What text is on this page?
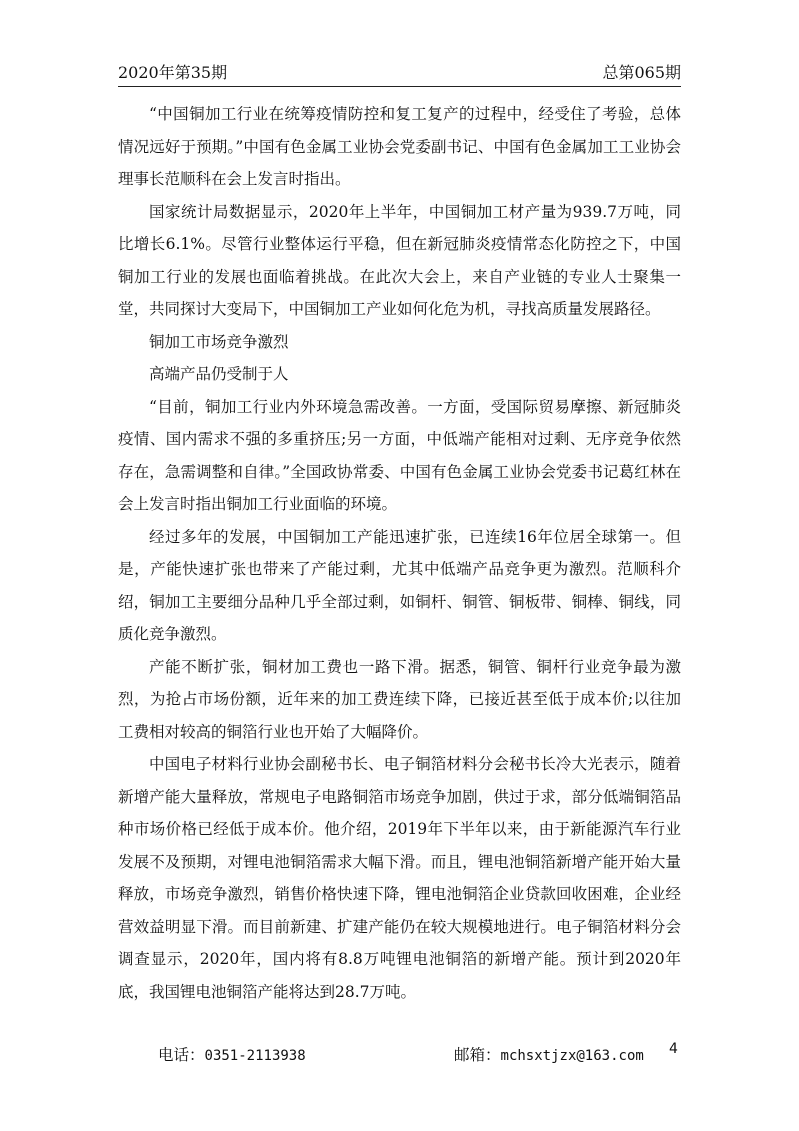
2020年第35期	总第065期

“中国铜加工行业在统筹疫情防控和复工复产的过程中，经受住了考验，总体情况远好于预期。”中国有色金属工业协会党委副书记、中国有色金属加工工业协会理事长范顺科在会上发言时指出。

国家统计局数据显示，2020年上半年，中国铜加工材产量为939.7万吨，同比增长6.1%。尽管行业整体运行平稳，但在新冠肺炎疫情常态化防控之下，中国铜加工行业的发展也面临着挑战。在此次大会上，来自产业链的专业人士聚集一堂，共同探讨大变局下，中国铜加工产业如何化危为机，寻找高质量发展路径。

铜加工市场竞争激烈

高端产品仍受制于人

“目前，铜加工行业内外环境急需改善。一方面，受国际贸易摩擦、新冠肺炎疫情、国内需求不强的多重挤压;另一方面，中低端产能相对过剩、无序竞争依然存在，急需调整和自律。”全国政协常委、中国有色金属工业协会党委书记葛红林在会上发言时指出铜加工行业面临的环境。

经过多年的发展，中国铜加工产能迅速扩张，已连续16年位居全球第一。但是，产能快速扩张也带来了产能过剩，尤其中低端产品竞争更为激烈。范顺科介绍，铜加工主要细分品种几乎全部过剩，如铜杆、铜管、铜板带、铜棒、铜线，同质化竞争激烈。

产能不断扩张，铜材加工费也一路下滑。据悉，铜管、铜杆行业竞争最为激烈，为抢占市场份额，近年来的加工费连续下降，已接近甚至低于成本价;以往加工费相对较高的铜箔行业也开始了大幅降价。

中国电子材料行业协会副秘书长、电子铜箔材料分会秘书长冷大光表示，随着新增产能大量释放，常规电子电路铜箔市场竞争加剧，供过于求，部分低端铜箔品种市场价格已经低于成本价。他介绍，2019年下半年以来，由于新能源汽车行业发展不及预期，对锂电池铜箔需求大幅下滑。而且，锂电池铜箔新增产能开始大量释放，市场竞争激烈，销售价格快速下降，锂电池铜箔企业贷款回收困难，企业经营效益明显下滑。而目前新建、扩建产能仍在较大规模地进行。电子铜箔材料分会调查显示，2020年，国内将有8.8万吨锂电池铜箔的新增产能。预计到2020年底，我国锂电池铜箔产能将达到28.7万吨。

电话：0351-2113938	邮箱：mchsxtjzx@163.com 4
